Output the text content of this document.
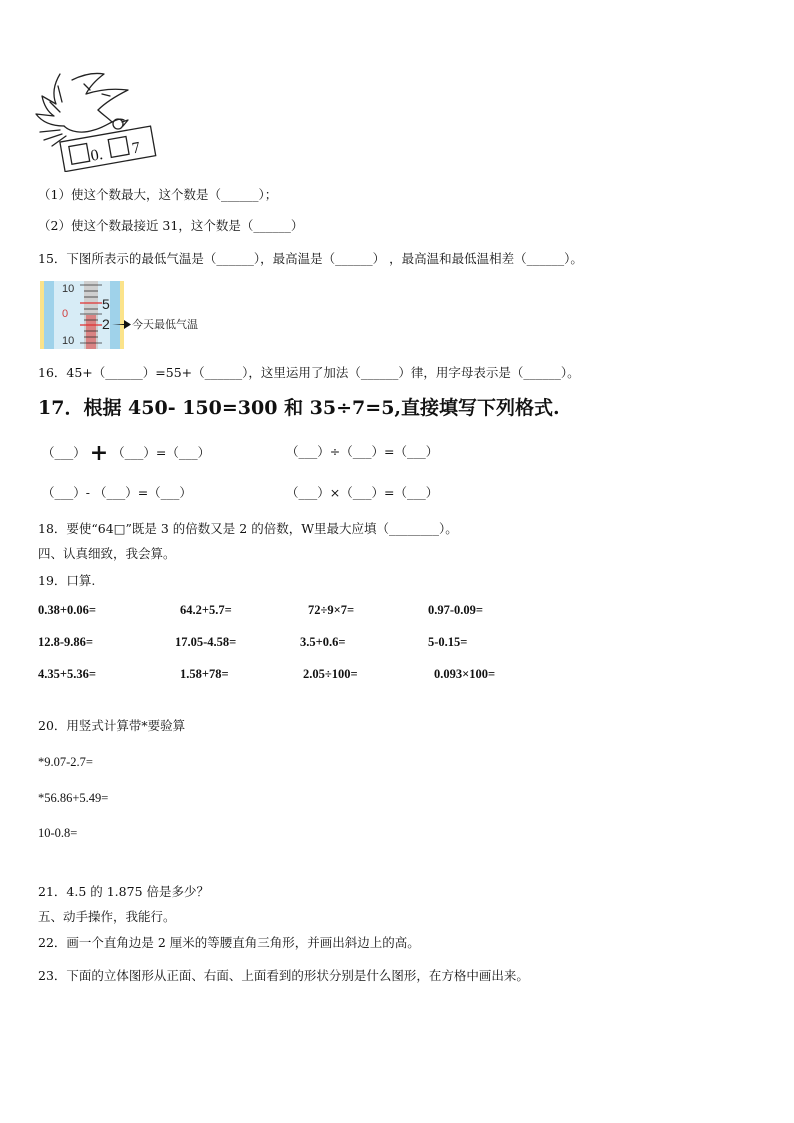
0. 7
（1）使这个数最大，这个数是（______）；
（2）使这个数最接近 31，这个数是（______）
15．下图所表示的最低气温是（______），最高温是（______） ，最高温和最低温相差（______）。
10
0
10
5
2 今天最低气温
16．45+（______）=55+（______），这里运用了加法（______）律，用字母表示是（______）。
17．根据 450- 150=300 和 35÷7=5,直接填写下列格式.
（___） + （___）=（___）	（___）÷（___）=（___）
（___）- （___）=（___）	（___）×（___）=（___）
18．要使“64□”既是 3 的倍数又是 2 的倍数，W里最大应填（________）。
四、认真细致，我会算。
19．口算.
0.38+0.06=	64.2+5.7=	72÷9×7=	0.97-0.09=
12.8-9.86=	17.05-4.58=	3.5+0.6=	5-0.15=
4.35+5.36=	1.58+78=	2.05÷100=	0.093×100=
20．用竖式计算带*要验算
*9.07-2.7=
*56.86+5.49=
10-0.8=
21．4.5 的 1.875 倍是多少？
五、动手操作，我能行。
22．画一个直角边是 2 厘米的等腰直角三角形，并画出斜边上的高。
23．下面的立体图形从正面、右面、上面看到的形状分别是什么图形，在方格中画出来。
